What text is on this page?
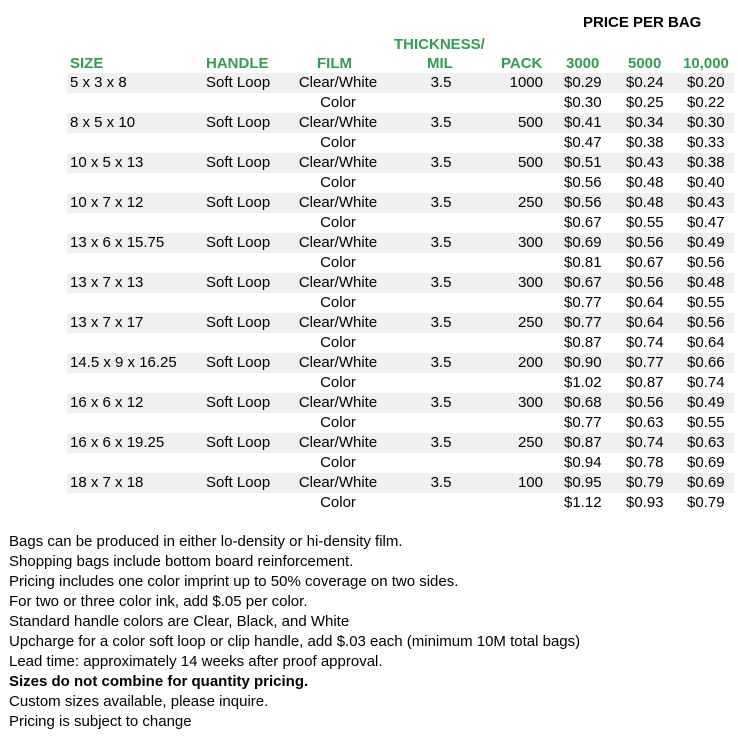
PRICE PER BAG
THICKNESS/
SIZE	HANDLE	FILM	MIL	PACK 3000 5000 10,000
5 x 3 x 8	Soft Loop Clear/White	3.5	1000 $0.29 $0.24 $0.20
Color	$0.30 $0.25 $0.22
8 x 5 x 10	Soft Loop Clear/White	3.5	500 $0.41 $0.34 $0.30
Color	$0.47 $0.38 $0.33
10 x 5 x 13	Soft Loop Clear/White	3.5	500 $0.51 $0.43 $0.38
Color	$0.56 $0.48 $0.40
10 x 7 x 12	Soft Loop Clear/White	3.5	250 $0.56 $0.48 $0.43
Color	$0.67 $0.55 $0.47
13 x 6 x 15.75	Soft Loop Clear/White	3.5	300 $0.69 $0.56 $0.49
Color	$0.81 $0.67 $0.56
13 x 7 x 13	Soft Loop Clear/White	3.5	300 $0.67 $0.56 $0.48
Color	$0.77 $0.64 $0.55
13 x 7 x 17	Soft Loop Clear/White	3.5	250 $0.77 $0.64 $0.56
Color	$0.87 $0.74 $0.64
14.5 x 9 x 16.25 Soft Loop Clear/White	3.5	200 $0.90 $0.77 $0.66
Color	$1.02 $0.87 $0.74
16 x 6 x 12	Soft Loop Clear/White	3.5	300 $0.68 $0.56 $0.49
Color	$0.77 $0.63 $0.55
16 x 6 x 19.25	Soft Loop Clear/White	3.5	250 $0.87 $0.74 $0.63
Color	$0.94 $0.78 $0.69
18 x 7 x 18	Soft Loop Clear/White	3.5	100 $0.95 $0.79 $0.69
Color	$1.12 $0.93 $0.79
Bags can be produced in either lo-density or hi-density film.
Shopping bags include bottom board reinforcement.
Pricing includes one color imprint up to 50% coverage on two sides.
For two or three color ink, add $.05 per color.
Standard handle colors are Clear, Black, and White
Upcharge for a color soft loop or clip handle, add $.03 each (minimum 10M total bags)
Lead time: approximately 14 weeks after proof approval.
Sizes do not combine for quantity pricing.
Custom sizes available, please inquire.
Pricing is subject to change
